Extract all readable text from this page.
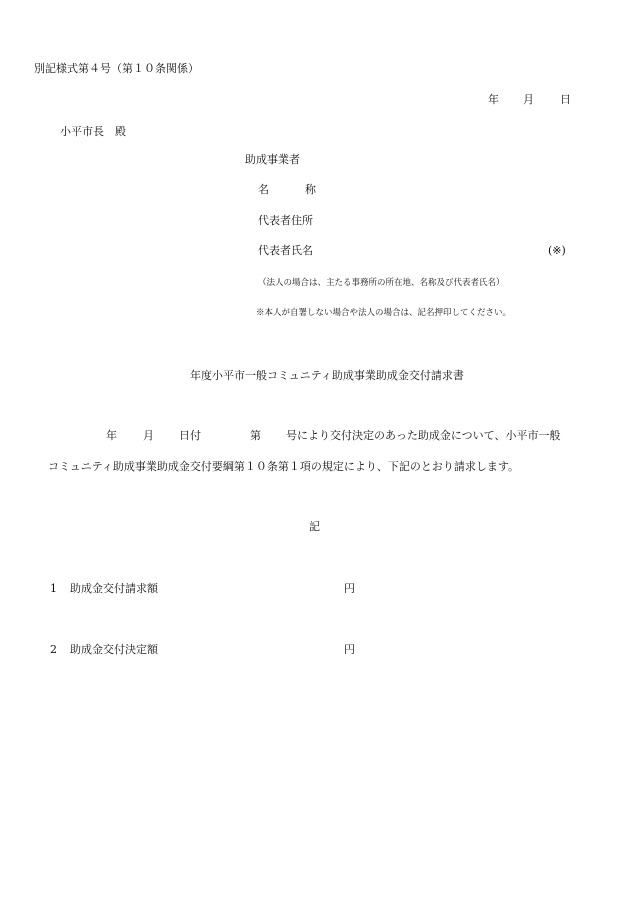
別記様式第４号（第１０条関係）
年 月 日
小平市長　殿
助成事業者
名	称
代表者住所
代表者氏名	(※)
（法人の場合は、主たる事務所の所在地、名称及び代表者氏名）
※本人が自署しない場合や法人の場合は、記名押印してください。
年度小平市一般コミュニティ助成事業助成金交付請求書
年 月 日付	第 号により交付決定のあった助成金について、小平市一般
コミュニティ助成事業助成金交付要綱第１０条第１項の規定により、下記のとおり請求します。
記
1 助成金交付請求額	円
2 助成金交付決定額	円
